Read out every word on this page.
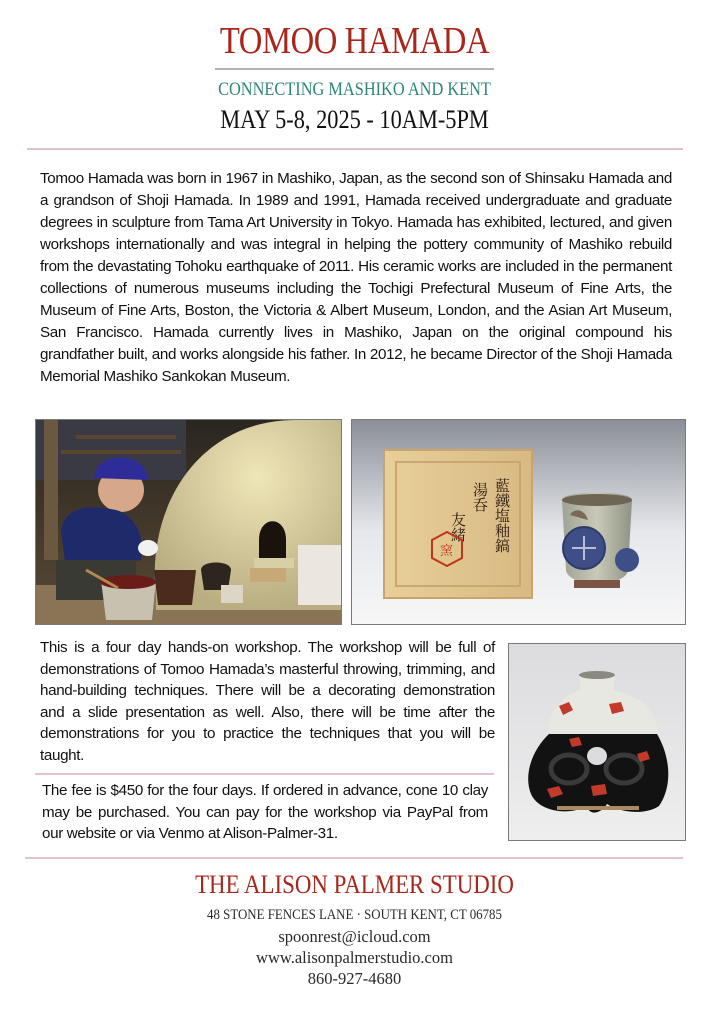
TOMOO HAMADA
CONNECTING MASHIKO AND KENT
MAY 5-8, 2025 - 10AM-5PM
Tomoo Hamada was born in 1967 in Mashiko, Japan, as the second son of Shinsaku Hamada and a grandson of Shoji Hamada. In 1989 and 1991, Hamada received undergraduate and graduate degrees in sculpture from Tama Art University in Tokyo. Hamada has exhibited, lectured, and given workshops internationally and was integral in helping the pottery community of Mashiko rebuild from the devastating Tohoku earthquake of 2011. His ceramic works are included in the permanent collections of numerous museums including the Tochigi Prefectural Museum of Fine Arts, the Museum of Fine Arts, Boston, the Victoria & Albert Museum, London, and the Asian Art Museum, San Francisco. Hamada currently lives in Mashiko, Japan on the original compound his grandfather built, and works alongside his father. In 2012, he became Director of the Shoji Hamada Memorial Mashiko Sankokan Museum.
藍鐵塩釉鎬
湯呑
友緒
窯
This is a four day hands-on workshop. The workshop will be full of demonstrations of Tomoo Hamada’s masterful throwing, trimming, and hand-building techniques. There will be a decorating demonstration and a slide presentation as well. Also, there will be time after the demonstrations for you to practice the techniques that you will be taught.
The fee is $450 for the four days. If ordered in advance, cone 10 clay may be purchased. You can pay for the workshop via PayPal from our website or via Venmo at Alison-Palmer-31.
THE ALISON PALMER STUDIO
48 STONE FENCES LANE · SOUTH KENT, CT 06785
spoonrest@icloud.com
www.alisonpalmerstudio.com
860-927-4680
